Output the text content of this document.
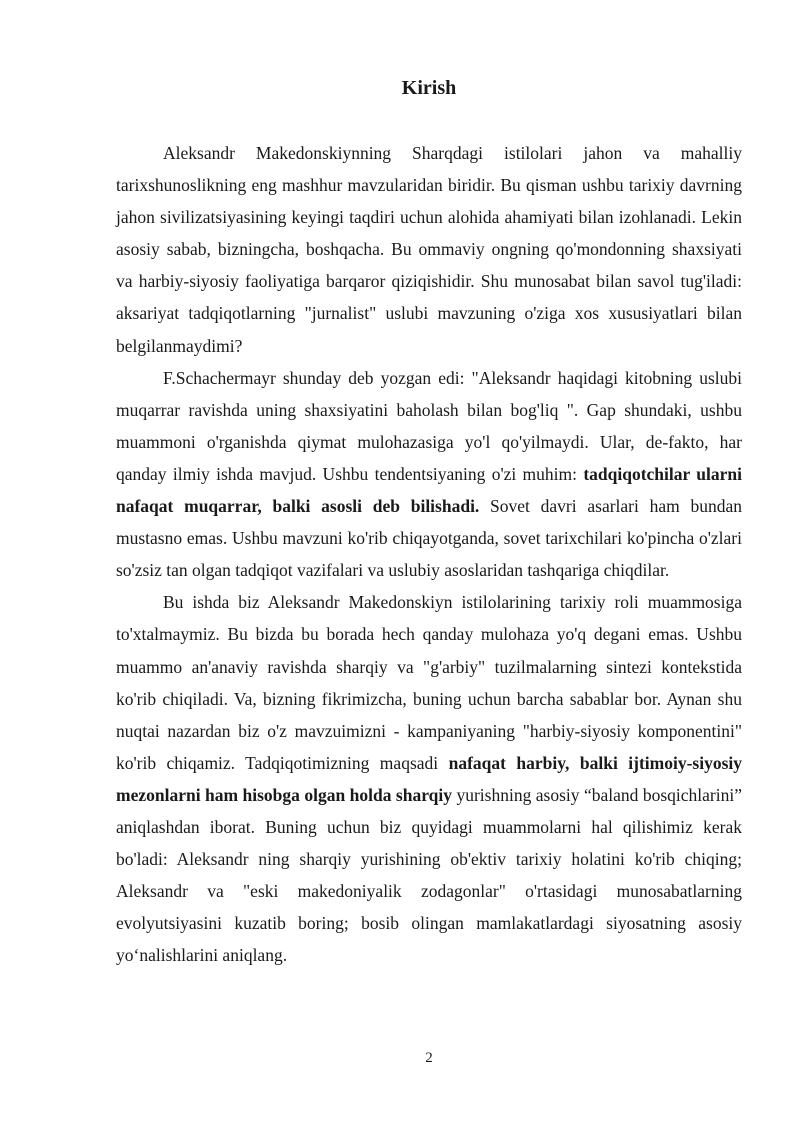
Kirish

Aleksandr Makedonskiynning Sharqdagi istilolari jahon va mahalliy tarixshunoslikning eng mashhur mavzularidan biridir. Bu qisman ushbu tarixiy davrning jahon sivilizatsiyasining keyingi taqdiri uchun alohida ahamiyati bilan izohlanadi. Lekin asosiy sabab, bizningcha, boshqacha. Bu ommaviy ongning qo'mondonning shaxsiyati va harbiy-siyosiy faoliyatiga barqaror qiziqishidir. Shu munosabat bilan savol tug'iladi: aksariyat tadqiqotlarning "jurnalist" uslubi mavzuning o'ziga xos xususiyatlari bilan belgilanmaydimi?

F.Schachermayr shunday deb yozgan edi: "Aleksandr haqidagi kitobning uslubi muqarrar ravishda uning shaxsiyatini baholash bilan bog'liq ". Gap shundaki, ushbu muammoni o'rganishda qiymat mulohazasiga yo'l qo'yilmaydi. Ular, de-fakto, har qanday ilmiy ishda mavjud. Ushbu tendentsiyaning o'zi muhim: tadqiqotchilar ularni nafaqat muqarrar, balki asosli deb bilishadi. Sovet davri asarlari ham bundan mustasno emas. Ushbu mavzuni ko'rib chiqayotganda, sovet tarixchilari ko'pincha o'zlari so'zsiz tan olgan tadqiqot vazifalari va uslubiy asoslaridan tashqariga chiqdilar.

Bu ishda biz Aleksandr Makedonskiyn istilolarining tarixiy roli muammosiga to'xtalmaymiz. Bu bizda bu borada hech qanday mulohaza yo'q degani emas. Ushbu muammo an'anaviy ravishda sharqiy va "g'arbiy" tuzilmalarning sintezi kontekstida ko'rib chiqiladi. Va, bizning fikrimizcha, buning uchun barcha sabablar bor. Aynan shu nuqtai nazardan biz o'z mavzuimizni - kampaniyaning "harbiy-siyosiy komponentini" ko'rib chiqamiz. Tadqiqotimizning maqsadi nafaqat harbiy, balki ijtimoiy-siyosiy mezonlarni ham hisobga olgan holda sharqiy yurishning asosiy “baland bosqichlarini” aniqlashdan iborat. Buning uchun biz quyidagi muammolarni hal qilishimiz kerak bo'ladi: Aleksandr ning sharqiy yurishining ob'ektiv tarixiy holatini ko'rib chiqing; Aleksandr va "eski makedoniyalik zodagonlar" o'rtasidagi munosabatlarning evolyutsiyasini kuzatib boring; bosib olingan mamlakatlardagi siyosatning asosiy yo‘nalishlarini aniqlang.

2
